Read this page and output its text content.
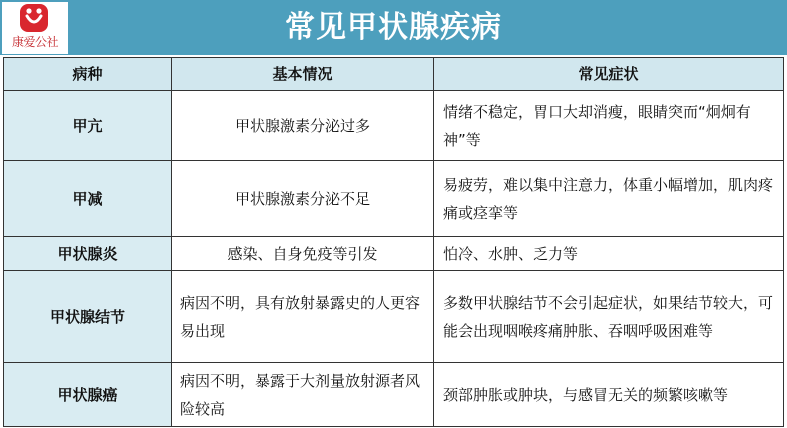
常见甲状腺疾病
康爱公社
病种	基本情况	常见症状
甲亢	甲状腺激素分泌过多	情绪不稳定，胃口大却消瘦，眼睛突而“炯炯有神”等
甲减	甲状腺激素分泌不足	易疲劳，难以集中注意力，体重小幅增加，肌肉疼痛或痉挛等
甲状腺炎	感染、自身免疫等引发	怕冷、水肿、乏力等
甲状腺结节	病因不明，具有放射暴露史的人更容易出现	多数甲状腺结节不会引起症状，如果结节较大，可能会出现咽喉疼痛肿胀、吞咽呼吸困难等
甲状腺癌	病因不明，暴露于大剂量放射源者风险较高	颈部肿胀或肿块，与感冒无关的频繁咳嗽等
